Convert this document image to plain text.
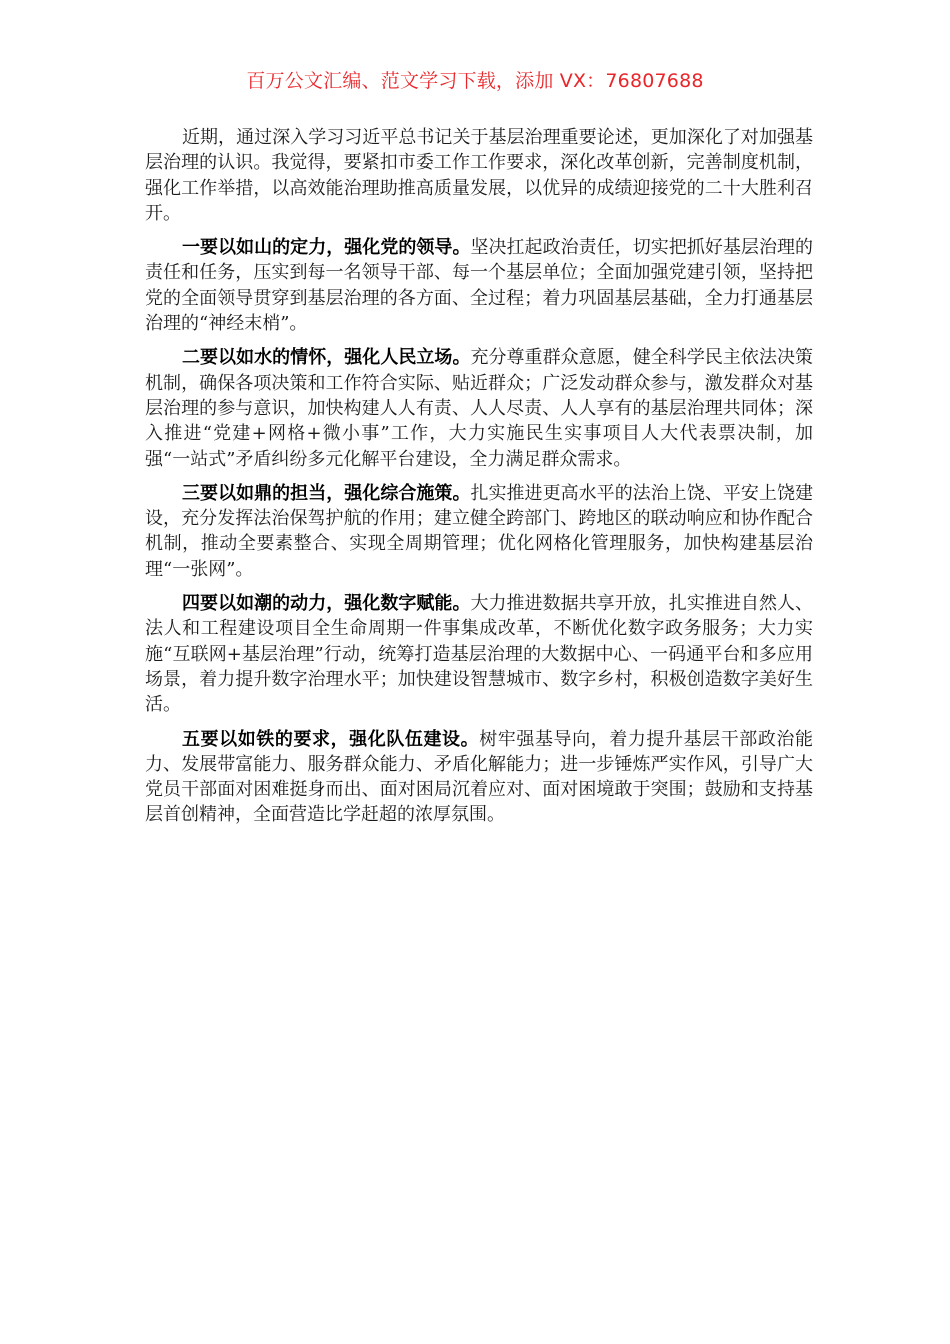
百万公文汇编、范文学习下载，添加 VX：76807688

近期，通过深入学习习近平总书记关于基层治理重要论述，更加深化了对加强基层治理的认识。我觉得，要紧扣市委工作工作要求，深化改革创新，完善制度机制，强化工作举措，以高效能治理助推高质量发展，以优异的成绩迎接党的二十大胜利召开。

一要以如山的定力，强化党的领导。坚决扛起政治责任，切实把抓好基层治理的责任和任务，压实到每一名领导干部、每一个基层单位；全面加强党建引领，坚持把党的全面领导贯穿到基层治理的各方面、全过程；着力巩固基层基础，全力打通基层治理的“神经末梢”。

二要以如水的情怀，强化人民立场。充分尊重群众意愿，健全科学民主依法决策机制，确保各项决策和工作符合实际、贴近群众；广泛发动群众参与，激发群众对基层治理的参与意识，加快构建人人有责、人人尽责、人人享有的基层治理共同体；深入推进“党建+网格+微小事”工作，大力实施民生实事项目人大代表票决制，加强“一站式”矛盾纠纷多元化解平台建设，全力满足群众需求。

三要以如鼎的担当，强化综合施策。扎实推进更高水平的法治上饶、平安上饶建设，充分发挥法治保驾护航的作用；建立健全跨部门、跨地区的联动响应和协作配合机制，推动全要素整合、实现全周期管理；优化网格化管理服务，加快构建基层治理“一张网”。

四要以如潮的动力，强化数字赋能。大力推进数据共享开放，扎实推进自然人、法人和工程建设项目全生命周期一件事集成改革，不断优化数字政务服务；大力实施“互联网+基层治理”行动，统筹打造基层治理的大数据中心、一码通平台和多应用场景，着力提升数字治理水平；加快建设智慧城市、数字乡村，积极创造数字美好生活。

五要以如铁的要求，强化队伍建设。树牢强基导向，着力提升基层干部政治能力、发展带富能力、服务群众能力、矛盾化解能力；进一步锤炼严实作风，引导广大党员干部面对困难挺身而出、面对困局沉着应对、面对困境敢于突围；鼓励和支持基层首创精神，全面营造比学赶超的浓厚氛围。
